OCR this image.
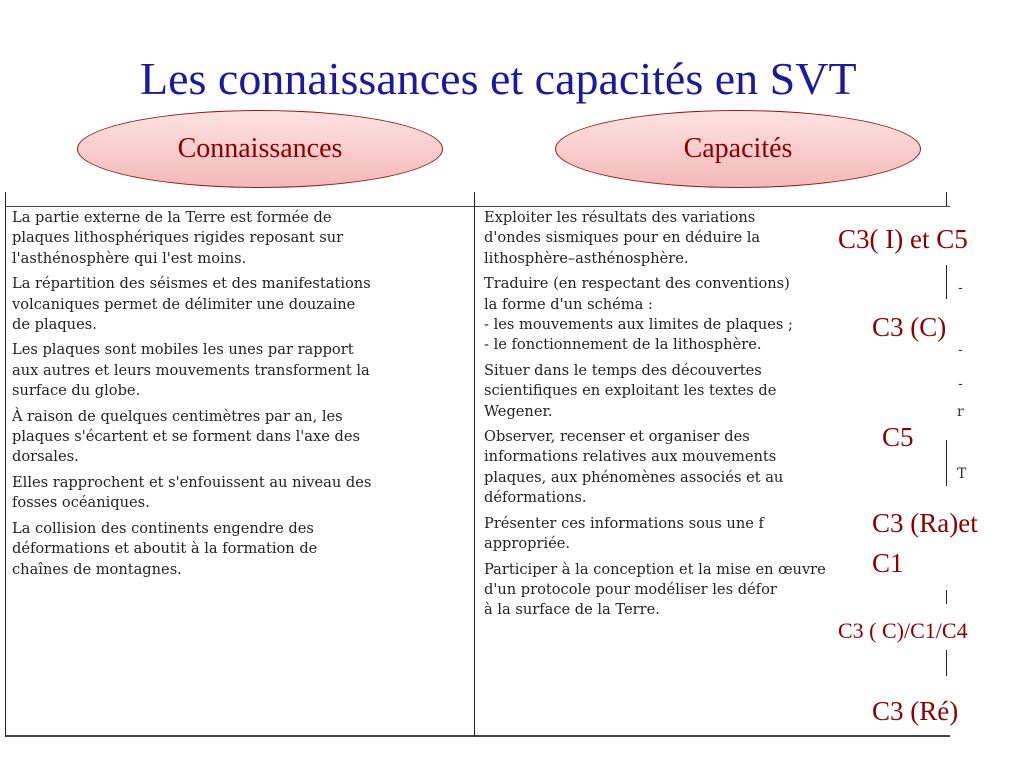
Les connaissances et capacités en SVT
Connaissances	Capacités

La partie externe de la Terre est formée de
plaques lithosphériques rigides reposant sur
l'asthénosphère qui l'est moins.

La répartition des séismes et des manifestations
volcaniques permet de délimiter une douzaine
de plaques.

Les plaques sont mobiles les unes par rapport
aux autres et leurs mouvements transforment la
surface du globe.

À raison de quelques centimètres par an, les
plaques s'écartent et se forment dans l'axe des
dorsales.

Elles rapprochent et s'enfouissent au niveau des
fosses océaniques.

La collision des continents engendre des
déformations et aboutit à la formation de
chaînes de montagnes.

Exploiter les résultats des variations
d'ondes sismiques pour en déduire la
lithosphère–asthénosphère.

Traduire (en respectant des conventions)
la forme d'un schéma :
- les mouvements aux limites de plaques ;
- le fonctionnement de la lithosphère.

Situer dans le temps des découvertes
scientifiques en exploitant les textes de
Wegener.

Observer, recenser et organiser des
informations relatives aux mouvements
plaques, aux phénomènes associés et au
déformations.

Présenter ces informations sous une f
appropriée.

Participer à la conception et la mise en œuvre
d'un protocole pour modéliser les défor
à la surface de la Terre.

-
-
-
r
T
C3( I) et C5
C3 (C)
C5
C3 (Ra)et
C1
C3 ( C)/C1/C4
C3 (Ré)
